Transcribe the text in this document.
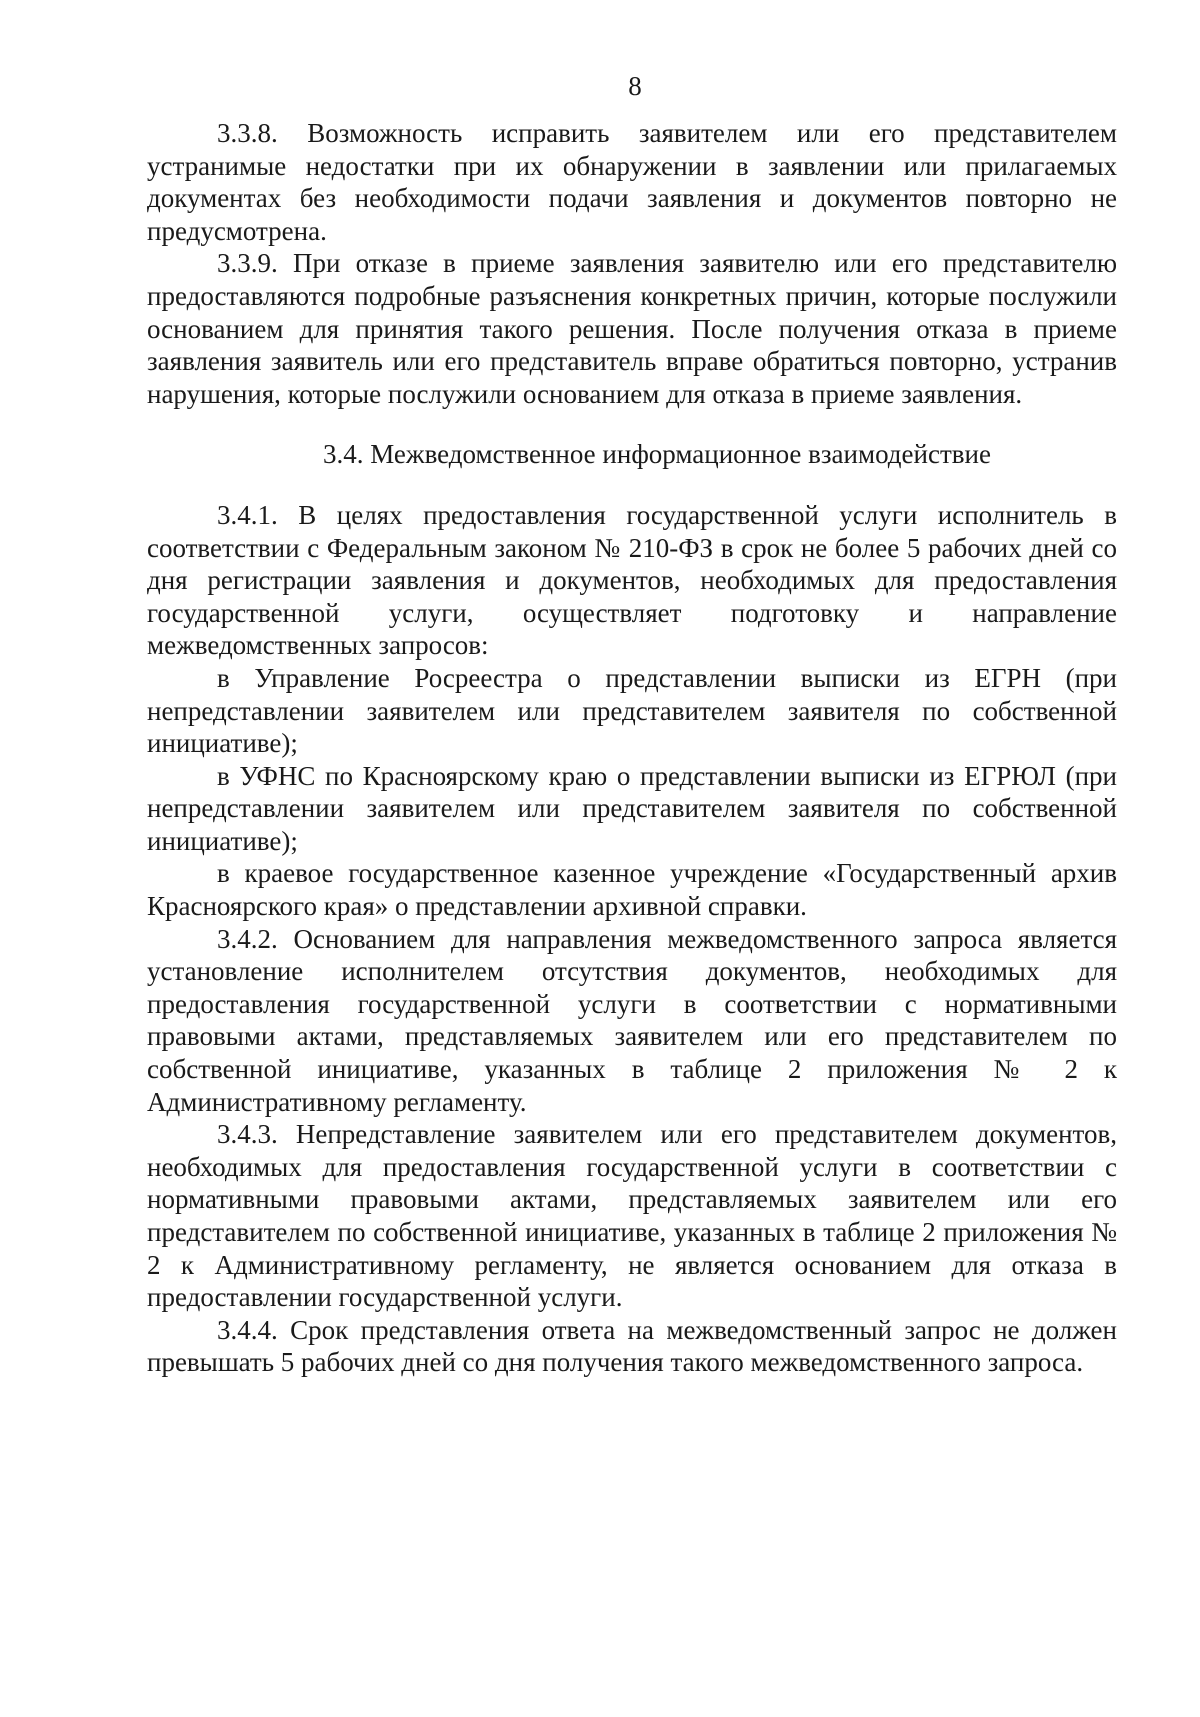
8

3.3.8. Возможность исправить заявителем или его представителем устранимые недостатки при их обнаружении в заявлении или прилагаемых документах без необходимости подачи заявления и документов повторно не предусмотрена.

3.3.9. При отказе в приеме заявления заявителю или его представителю предоставляются подробные разъяснения конкретных причин, которые послужили основанием для принятия такого решения. После получения отказа в приеме заявления заявитель или его представитель вправе обратиться повторно, устранив нарушения, которые послужили основанием для отказа в приеме заявления.

3.4. Межведомственное информационное взаимодействие

3.4.1. В целях предоставления государственной услуги исполнитель в соответствии с Федеральным законом № 210-ФЗ в срок не более 5 рабочих дней со дня регистрации заявления и документов, необходимых для предоставления государственной услуги, осуществляет подготовку и направление межведомственных запросов:

в Управление Росреестра о представлении выписки из ЕГРН (при непредставлении заявителем или представителем заявителя по собственной инициативе);

в УФНС по Красноярскому краю о представлении выписки из ЕГРЮЛ (при непредставлении заявителем или представителем заявителя по собственной инициативе);

в краевое государственное казенное учреждение «Государственный архив Красноярского края» о представлении архивной справки.

3.4.2. Основанием для направления межведомственного запроса является установление исполнителем отсутствия документов, необходимых для предоставления государственной услуги в соответствии с нормативными правовыми актами, представляемых заявителем или его представителем по собственной инициативе, указанных в таблице 2 приложения № 2 к Административному регламенту.

3.4.3. Непредставление заявителем или его представителем документов, необходимых для предоставления государственной услуги в соответствии с нормативными правовыми актами, представляемых заявителем или его представителем по собственной инициативе, указанных в таблице 2 приложения № 2 к Административному регламенту, не является основанием для отказа в предоставлении государственной услуги.

3.4.4. Срок представления ответа на межведомственный запрос не должен превышать 5 рабочих дней со дня получения такого межведомственного запроса.
